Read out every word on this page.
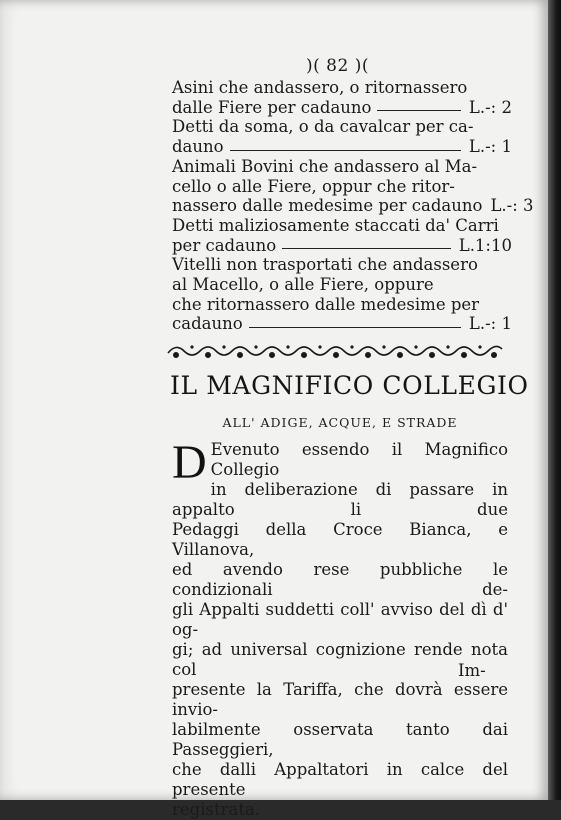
)( 82 )(
Asini che andassero, o ritornassero
dalle Fiere per cadauno	L.-: 2
Detti da soma, o da cavalcar per ca-
dauno	L.-: 1
Animali Bovini che andassero al Ma-
cello o alle Fiere, oppur che ritor-
nassero dalle medesime per cadauno L.-: 3
Detti maliziosamente staccati da' Carri
per cadauno	L.1:10
Vitelli non trasportati che andassero
al Macello, o alle Fiere, oppure
che ritornassero dalle medesime per
cadauno	L.-: 1
IL MAGNIFICO COLLEGIO
ALL' ADIGE, ACQUE, E STRADE
D Evenuto essendo il Magnifico Collegio
in deliberazione di passare in appalto li due
Pedaggi della Croce Bianca, e Villanova,
ed avendo rese pubbliche le condizionali de-
gli Appalti suddetti coll' avviso del dì d' og-
gi; ad universal cognizione rende nota col
presente la Tariffa, che dovrà essere invio-
labilmente osservata tanto dai Passeggieri,
che dalli Appaltatori in calce del presente
registrata.
Im-
